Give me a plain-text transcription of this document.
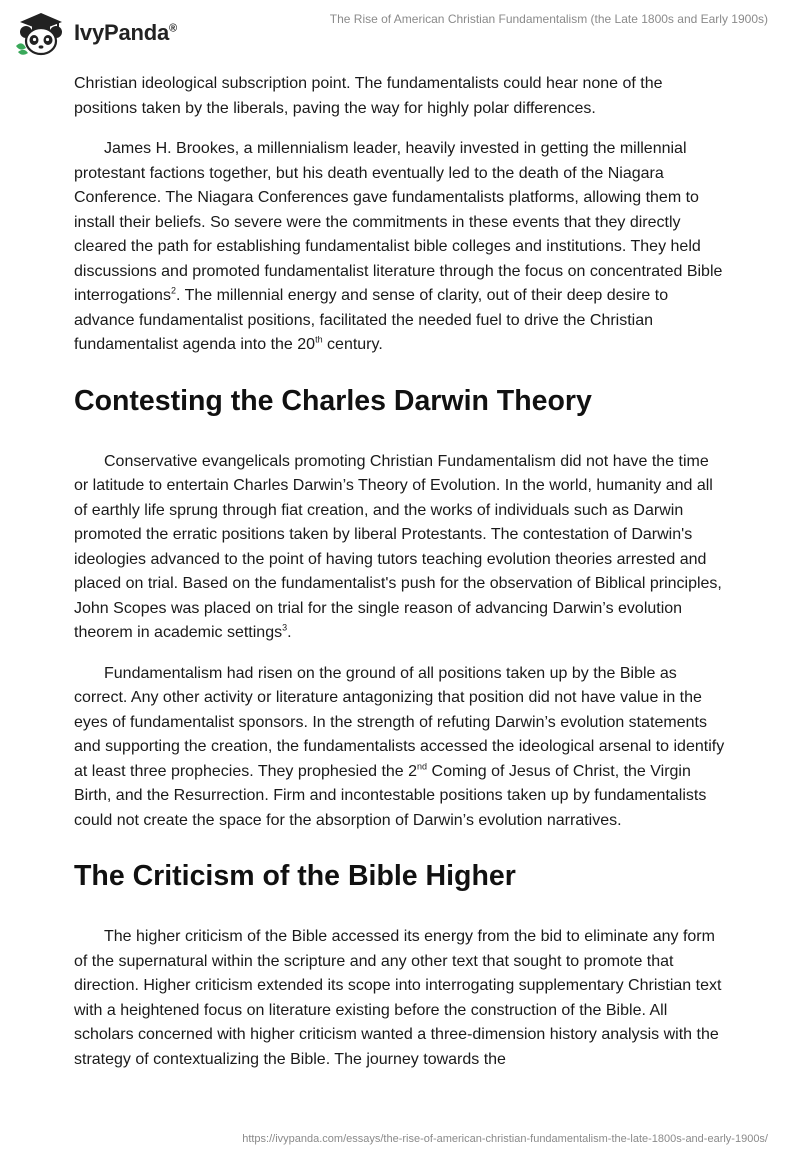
IvyPanda®
The Rise of American Christian Fundamentalism (the Late 1800s and Early 1900s)

Christian ideological subscription point. The fundamentalists could hear none of the positions taken by the liberals, paving the way for highly polar differences.

James H. Brookes, a millennialism leader, heavily invested in getting the millennial protestant factions together, but his death eventually led to the death of the Niagara Conference. The Niagara Conferences gave fundamentalists platforms, allowing them to install their beliefs. So severe were the commitments in these events that they directly cleared the path for establishing fundamentalist bible colleges and institutions. They held discussions and promoted fundamentalist literature through the focus on concentrated Bible interrogations$^2$. The millennial energy and sense of clarity, out of their deep desire to advance fundamentalist positions, facilitated the needed fuel to drive the Christian fundamentalist agenda into the 20th century.

Contesting the Charles Darwin Theory

Conservative evangelicals promoting Christian Fundamentalism did not have the time or latitude to entertain Charles Darwin’s Theory of Evolution. In the world, humanity and all of earthly life sprung through fiat creation, and the works of individuals such as Darwin promoted the erratic positions taken by liberal Protestants. The contestation of Darwin's ideologies advanced to the point of having tutors teaching evolution theories arrested and placed on trial. Based on the fundamentalist's push for the observation of Biblical principles, John Scopes was placed on trial for the single reason of advancing Darwin’s evolution theorem in academic settings$^3$.

Fundamentalism had risen on the ground of all positions taken up by the Bible as correct. Any other activity or literature antagonizing that position did not have value in the eyes of fundamentalist sponsors. In the strength of refuting Darwin’s evolution statements and supporting the creation, the fundamentalists accessed the ideological arsenal to identify at least three prophecies. They prophesied the 2nd Coming of Jesus of Christ, the Virgin Birth, and the Resurrection. Firm and incontestable positions taken up by fundamentalists could not create the space for the absorption of Darwin’s evolution narratives.

The Criticism of the Bible Higher

The higher criticism of the Bible accessed its energy from the bid to eliminate any form of the supernatural within the scripture and any other text that sought to promote that direction. Higher criticism extended its scope into interrogating supplementary Christian text with a heightened focus on literature existing before the construction of the Bible. All scholars concerned with higher criticism wanted a three-dimension history analysis with the strategy of contextualizing the Bible. The journey towards the

https://ivypanda.com/essays/the-rise-of-american-christian-fundamentalism-the-late-1800s-and-early-1900s/
